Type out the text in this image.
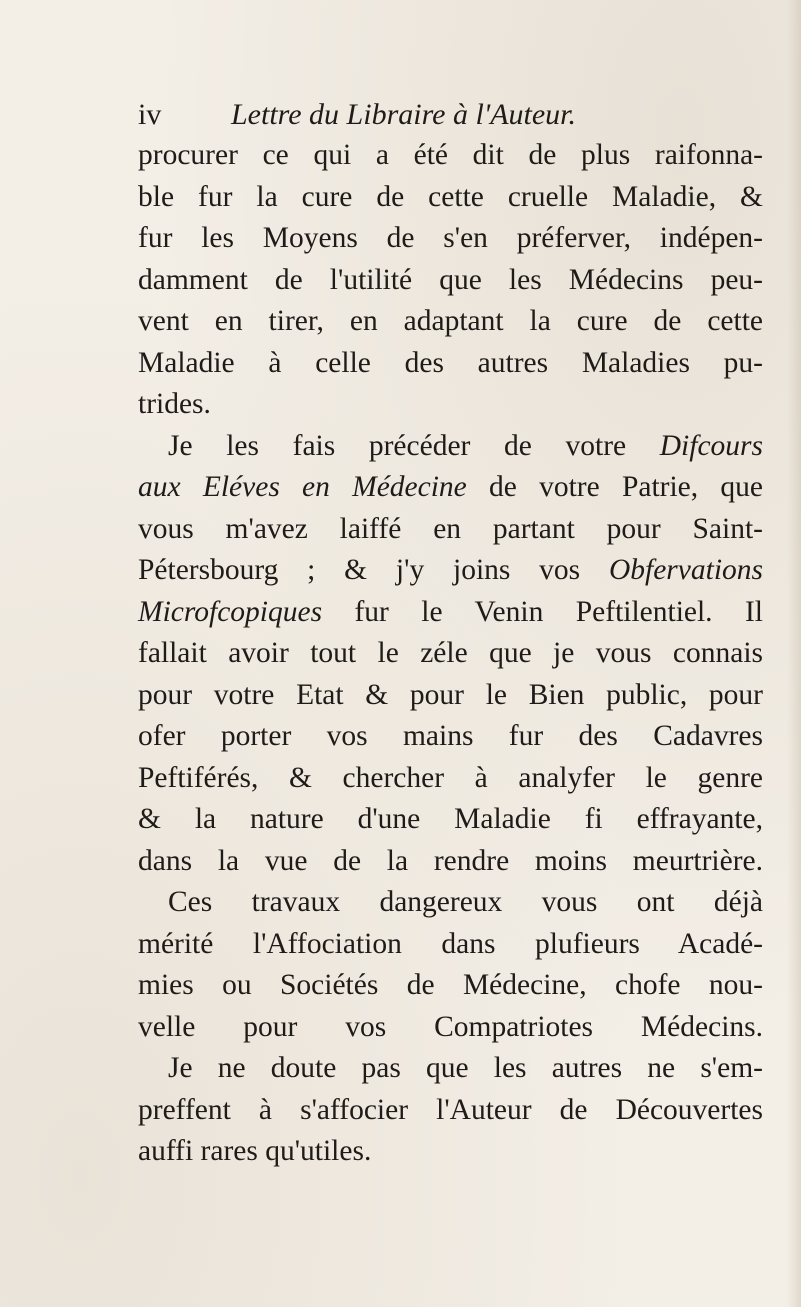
iv Lettre du Libraire à l'Auteur.
procurer ce qui a été dit de plus raifonna-
ble fur la cure de cette cruelle Maladie, &
fur les Moyens de s'en préferver, indépen-
damment de l'utilité que les Médecins peu-
vent en tirer, en adaptant la cure de cette
Maladie à celle des autres Maladies pu-
trides.
Je les fais précéder de votre Difcours
aux Eléves en Médecine de votre Patrie, que
vous m'avez laiffé en partant pour Saint-
Pétersbourg ; & j'y joins vos Obfervations
Microfcopiques fur le Venin Peftilentiel. Il
fallait avoir tout le zéle que je vous connais
pour votre Etat & pour le Bien public, pour
ofer porter vos mains fur des Cadavres
Peftiférés, & chercher à analyfer le genre
& la nature d'une Maladie fi effrayante,
dans la vue de la rendre moins meurtrière.
Ces travaux dangereux vous ont déjà
mérité l'Affociation dans plufieurs Acadé-
mies ou Sociétés de Médecine, chofe nou-
velle pour vos Compatriotes Médecins.
Je ne doute pas que les autres ne s'em-
preffent à s'affocier l'Auteur de Découvertes
auffi rares qu'utiles.
